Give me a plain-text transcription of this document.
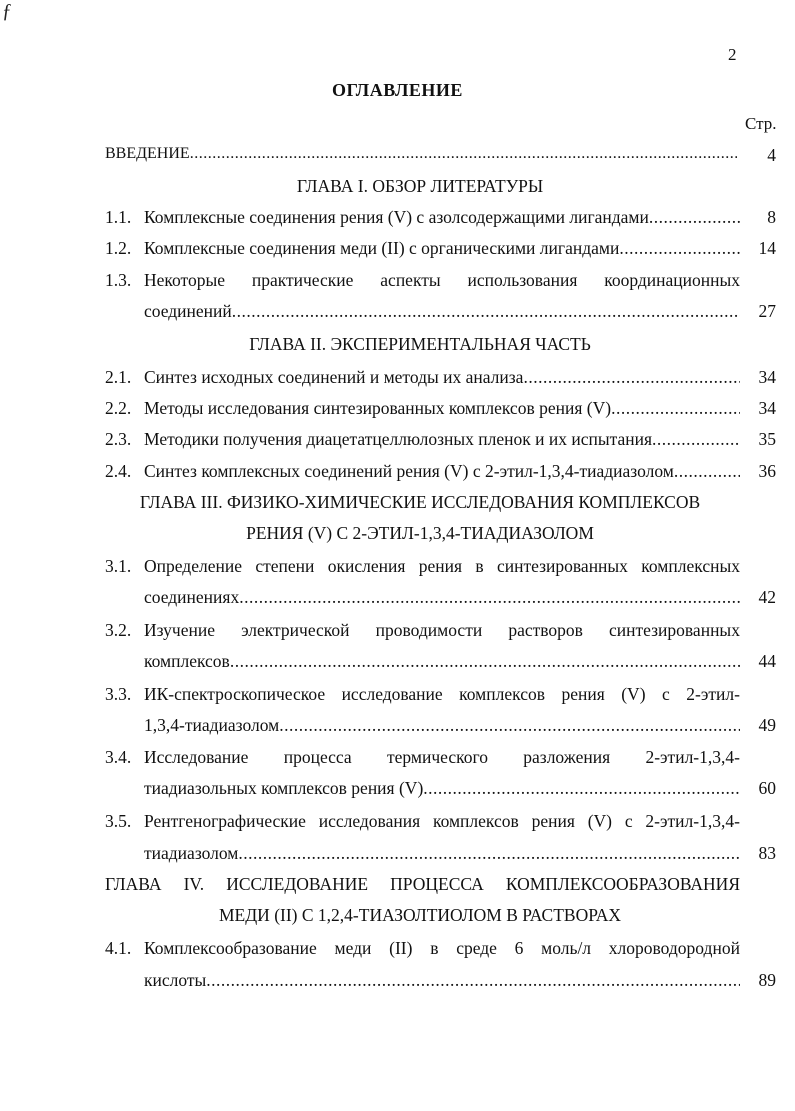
ƒ
2
ОГЛАВЛЕНИЕ
Стр.
ВВЕДЕНИЕ .....	4
ГЛАВА I. ОБЗОР ЛИТЕРАТУРЫ
1.1. Комплексные соединения рения (V) с азолсодержащими лигандами .....	8
1.2. Комплексные соединения меди (II) с органическими лигандами .....	14
1.3. Некоторые практические аспекты использования координационных
соединений .....	27
ГЛАВА II. ЭКСПЕРИМЕНТАЛЬНАЯ ЧАСТЬ
2.1. Синтез исходных соединений и методы их анализа .....	34
2.2. Методы исследования синтезированных комплексов рения (V) .....	34
2.3. Методики получения диацетатцеллюлозных пленок и их испытания .....	35
2.4. Синтез комплексных соединений рения (V) с 2-этил-1,3,4-тиадиазолом .....	36
ГЛАВА III. ФИЗИКО-ХИМИЧЕСКИЕ ИССЛЕДОВАНИЯ КОМПЛЕКСОВ
РЕНИЯ (V) С 2-ЭТИЛ-1,3,4-ТИАДИАЗОЛОМ
3.1. Определение степени окисления рения в синтезированных комплексных
соединениях .....	42
3.2. Изучение электрической проводимости растворов синтезированных
комплексов .....	44
3.3. ИК-спектроскопическое исследование комплексов рения (V) с 2-этил-
1,3,4-тиадиазолом .....	49
3.4. Исследование процесса термического разложения 2-этил-1,3,4-
тиадиазольных комплексов рения (V) .....	60
3.5. Рентгенографические исследования комплексов рения (V) с 2-этил-1,3,4-
тиадиазолом .....	83
ГЛАВА IV. ИССЛЕДОВАНИЕ ПРОЦЕССА КОМПЛЕКСООБРАЗОВАНИЯ
МЕДИ (II) С 1,2,4-ТИАЗОЛТИОЛОМ В РАСТВОРАХ
4.1. Комплексообразование меди (II) в среде 6 моль/л хлороводородной
кислоты .....	89
